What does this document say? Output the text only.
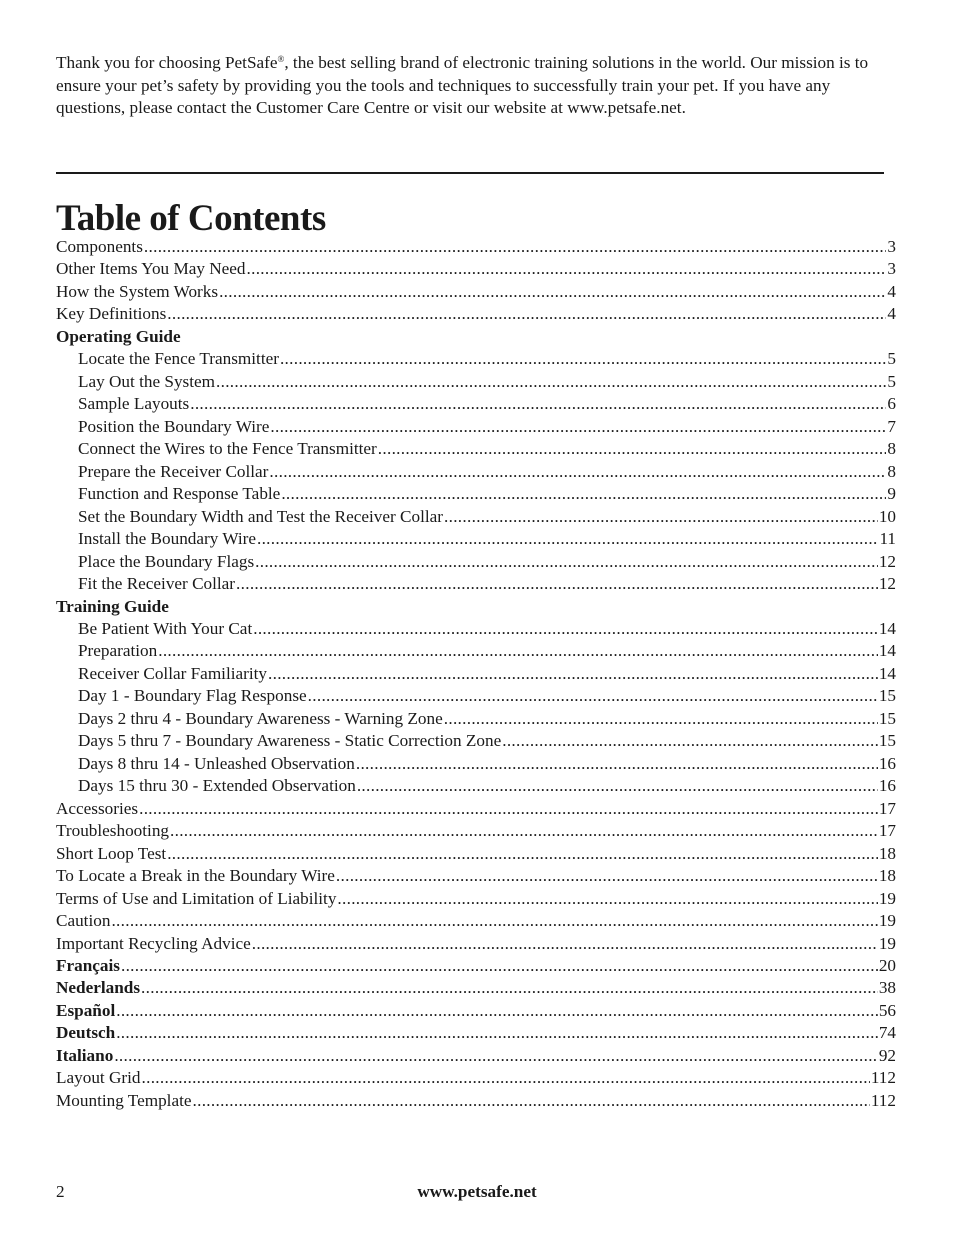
Thank you for choosing PetSafe®, the best selling brand of electronic training solutions in the world. Our mission is to ensure your pet’s safety by providing you the tools and techniques to successfully train your pet. If you have any questions, please contact the Customer Care Centre or visit our website at www.petsafe.net.
Table of Contents
Components .....	3
Other Items You May Need .....	3
How the System Works .....	4
Key Definitions .....	4
Operating Guide
Locate the Fence Transmitter .....	5
Lay Out the System .....	5
Sample Layouts .....	6
Position the Boundary Wire .....	7
Connect the Wires to the Fence Transmitter .....	8
Prepare the Receiver Collar .....	8
Function and Response Table .....	9
Set the Boundary Width and Test the Receiver Collar .....	10
Install the Boundary Wire .....	11
Place the Boundary Flags .....	12
Fit the Receiver Collar .....	12
Training Guide
Be Patient With Your Cat .....	14
Preparation .....	14
Receiver Collar Familiarity .....	14
Day 1 - Boundary Flag Response .....	15
Days 2 thru 4 - Boundary Awareness - Warning Zone .....	15
Days 5 thru 7 - Boundary Awareness - Static Correction Zone .....	15
Days 8 thru 14 - Unleashed Observation .....	16
Days 15 thru 30 - Extended Observation .....	16
Accessories .....	17
Troubleshooting .....	17
Short Loop Test .....	18
To Locate a Break in the Boundary Wire .....	18
Terms of Use and Limitation of Liability .....	19
Caution .....	19
Important Recycling Advice .....	19
Français .....	20
Nederlands .....	38
Español .....	56
Deutsch .....	74
Italiano .....	92
Layout Grid .....	112
Mounting Template .....	112
2	www.petsafe.net
